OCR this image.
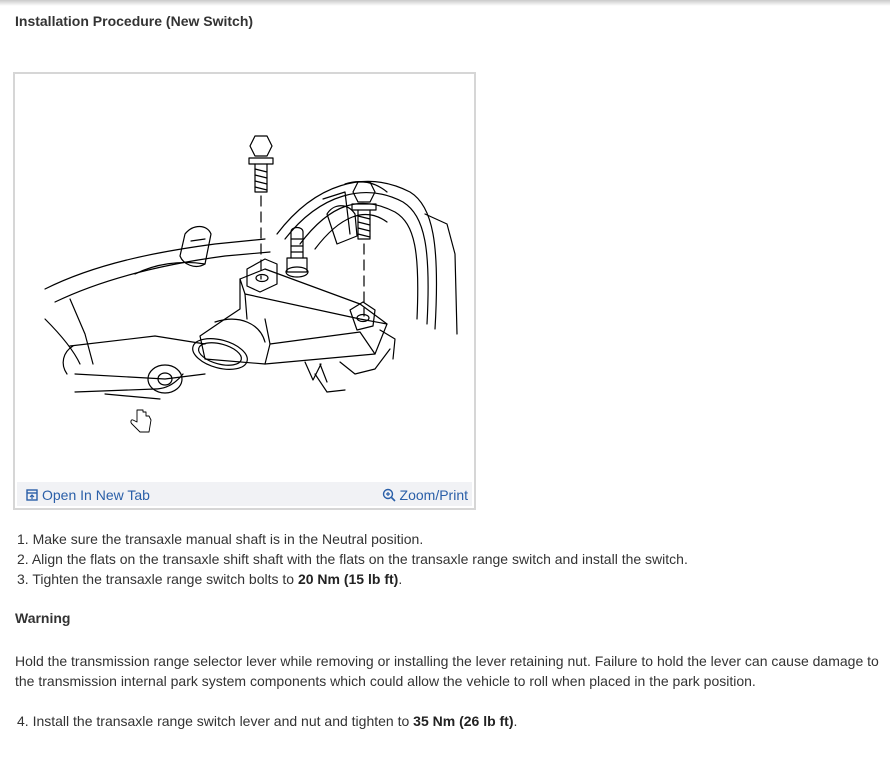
Installation Procedure (New Switch)
Open In New Tab	Zoom/Print
1. Make sure the transaxle manual shaft is in the Neutral position.
2. Align the flats on the transaxle shift shaft with the flats on the transaxle range switch and install the switch.
3. Tighten the transaxle range switch bolts to 20 Nm (15 lb ft).
Warning
Hold the transmission range selector lever while removing or installing the lever retaining nut. Failure to hold the lever can cause damage to the transmission internal park system components which could allow the vehicle to roll when placed in the park position.
4. Install the transaxle range switch lever and nut and tighten to 35 Nm (26 lb ft).
